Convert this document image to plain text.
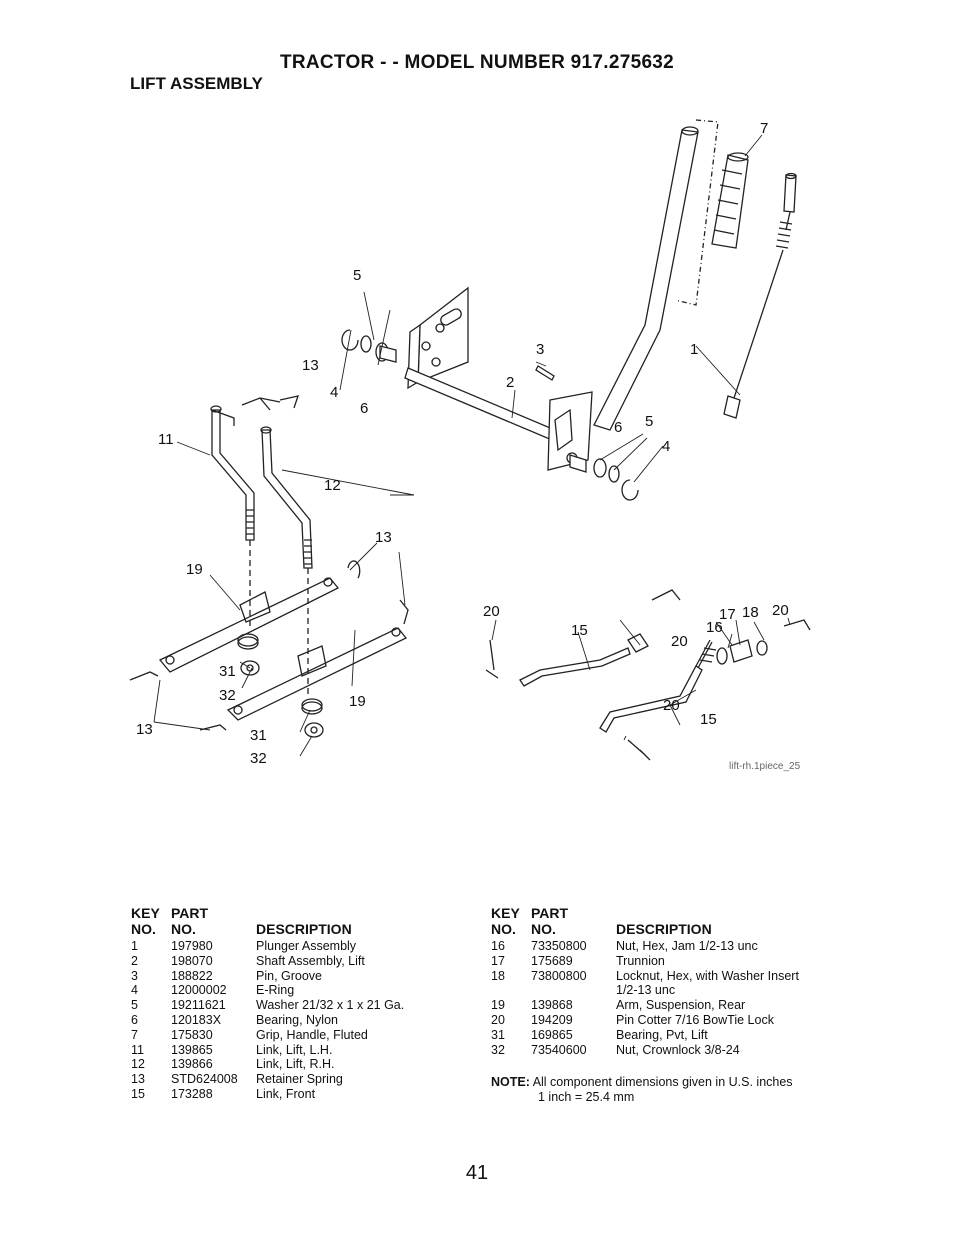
TRACTOR - - MODEL NUMBER 917.275632
LIFT ASSEMBLY
7
5
3	1
13
4
2
6
11
6 5
4
12
13
19
20
15
17 18 20
16
20
31
32	19
13	31
20
15
32	lift-rh.1piece_25
KEY PART
NO. NO.	DESCRIPTION
1	197980	Plunger Assembly
2	198070	Shaft Assembly, Lift
3	188822	Pin, Groove
4	12000002 E-Ring
5	19211621 Washer 21/32 x 1 x 21 Ga.
6	120183X	Bearing, Nylon
7	175830	Grip, Handle, Fluted
11 139865	Link, Lift, L.H.
12 139866	Link, Lift, R.H.
13 STD624008 Retainer Spring
15 173288	Link, Front
KEY PART
NO. NO.	DESCRIPTION
16 73350800 Nut, Hex, Jam 1/2-13 unc
17 175689	Trunnion
18 73800800 Locknut, Hex, with Washer Insert
1/2-13 unc
19 139868	Arm, Suspension, Rear
20 194209	Pin Cotter 7/16 BowTie Lock
31 169865	Bearing, Pvt, Lift
32 73540600 Nut, Crownlock 3/8-24
NOTE: All component dimensions given in U.S. inches
1 inch = 25.4 mm
41
